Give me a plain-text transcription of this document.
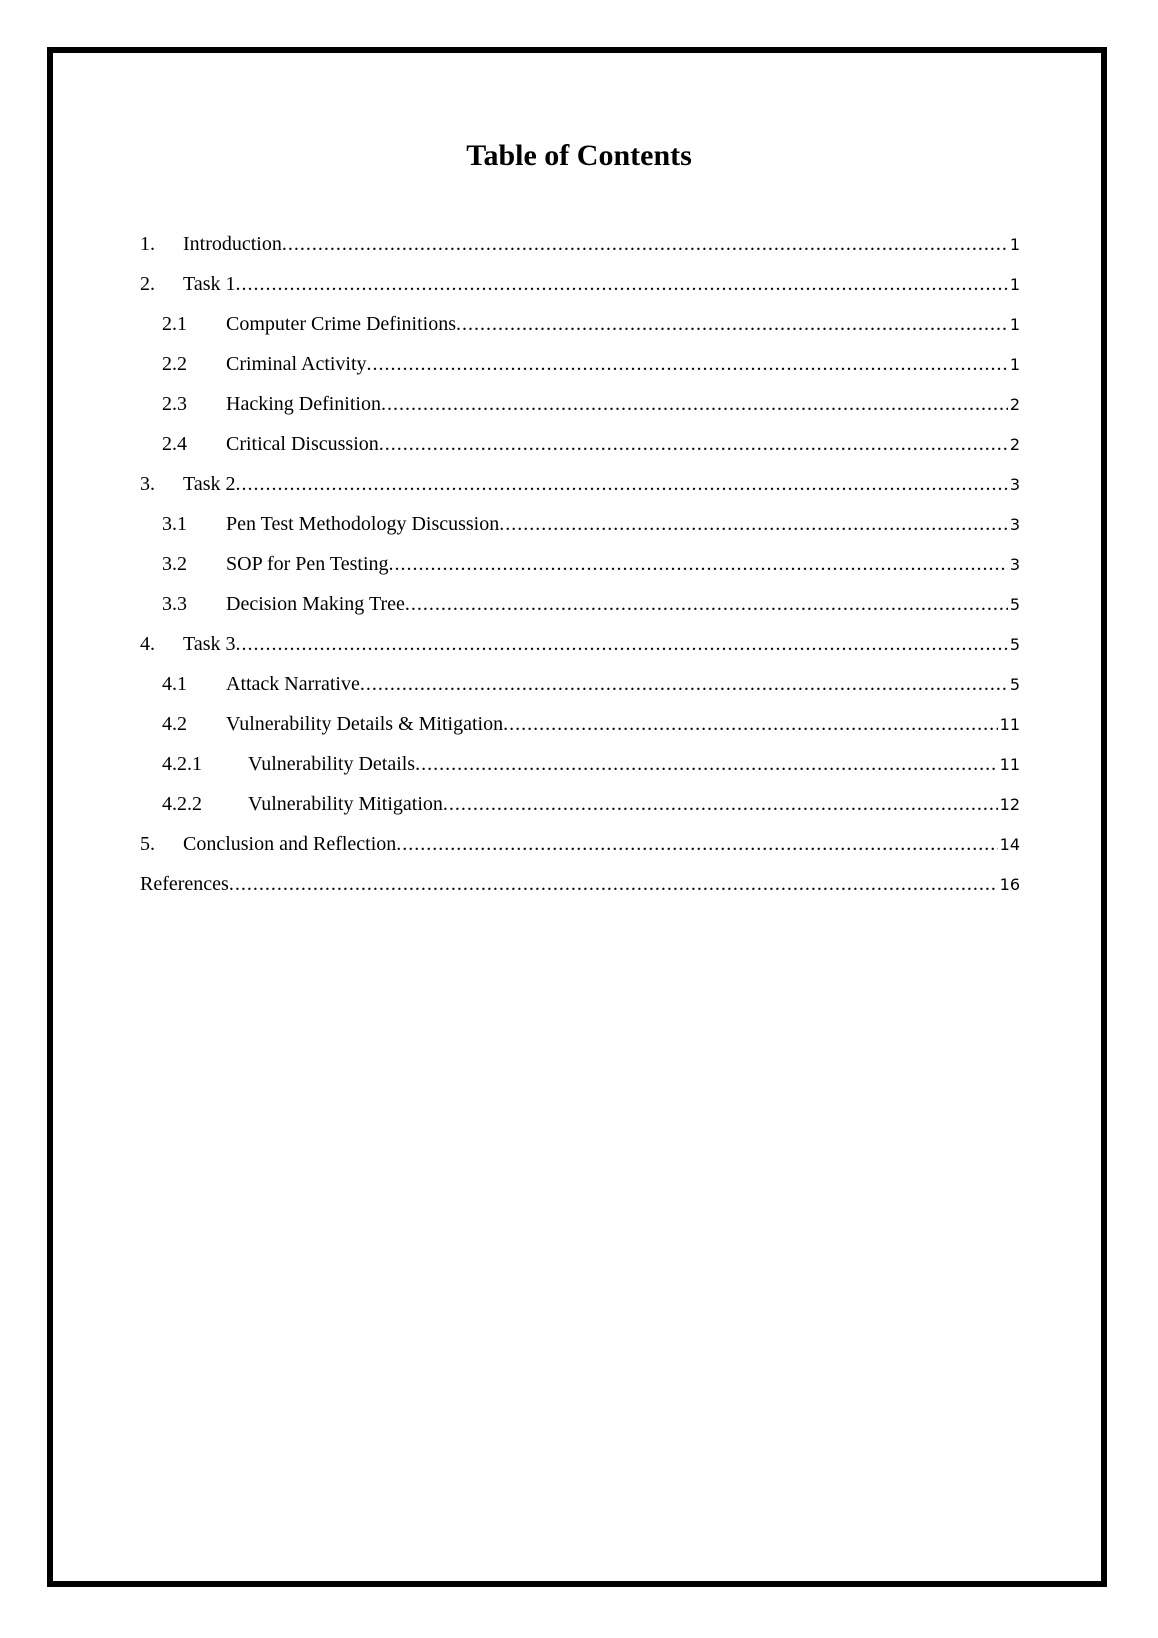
Table of Contents
1.	Introduction .....	1
2.	Task 1 .....	1
2.1	Computer Crime Definitions .....	1
2.2	Criminal Activity .....	1
2.3	Hacking Definition .....	2
2.4	Critical Discussion .....	2
3.	Task 2 .....	3
3.1	Pen Test Methodology Discussion .....	3
3.2	SOP for Pen Testing .....	3
3.3	Decision Making Tree .....	5
4.	Task 3 .....	5
4.1	Attack Narrative .....	5
4.2	Vulnerability Details & Mitigation .....	11
4.2.1	Vulnerability Details .....	11
4.2.2	Vulnerability Mitigation .....	12
5.	Conclusion and Reflection .....	14
References .....	16
